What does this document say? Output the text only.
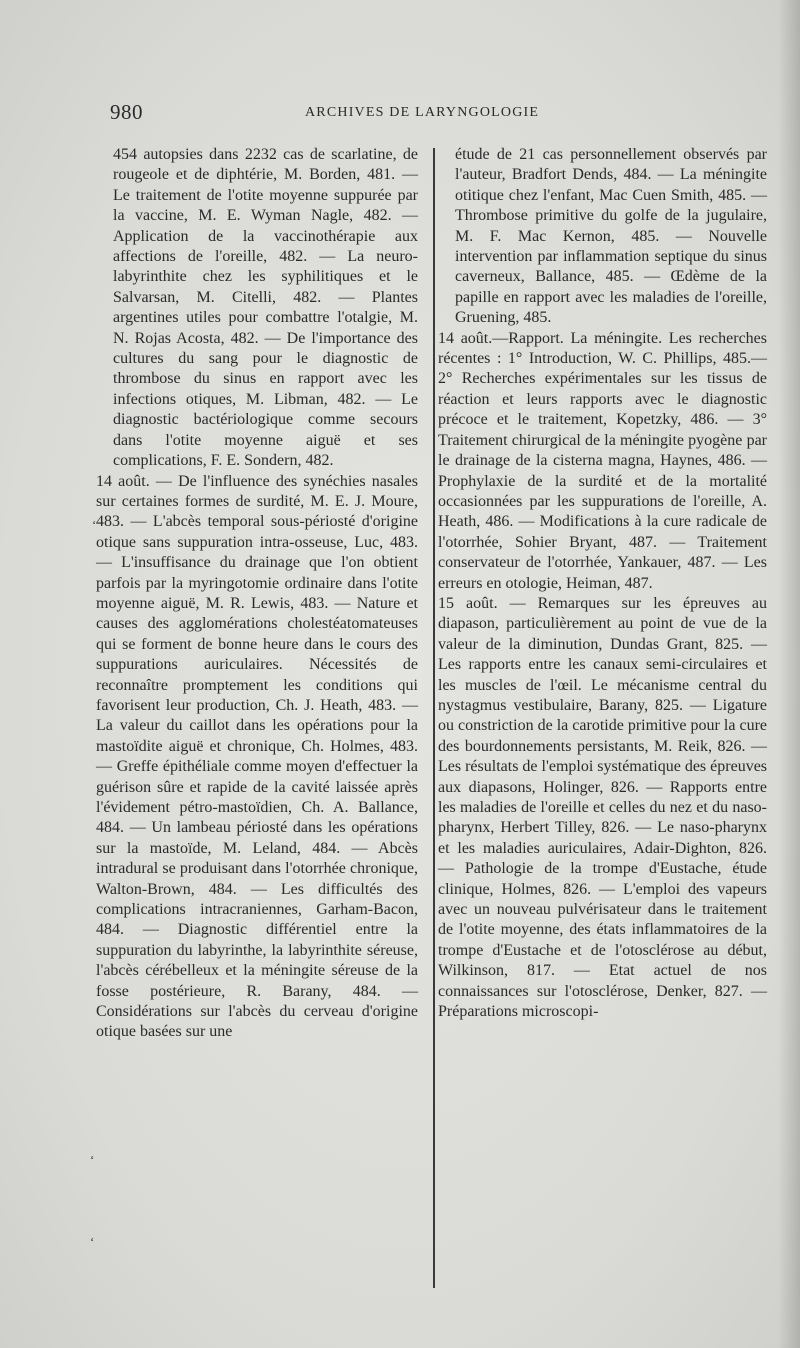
980	ARCHIVES DE LARYNGOLOGIE

454 autopsies dans 2232 cas de scarlatine, de rougeole et de diphtérie, M. Borden, 481. — Le traitement de l'otite moyenne suppurée par la vaccine, M. E. Wyman Nagle, 482. — Application de la vaccinothérapie aux affections de l'oreille, 482. — La neuro-labyrinthite chez les syphilitiques et le Salvarsan, M. Citelli, 482. — Plantes argentines utiles pour combattre l'otalgie, M. N. Rojas Acosta, 482. — De l'importance des cultures du sang pour le diagnostic de thrombose du sinus en rapport avec les infections otiques, M. Libman, 482. — Le diagnostic bactériologique comme secours dans l'otite moyenne aiguë et ses complications, F. E. Sondern, 482.

14 août. — De l'influence des synéchies nasales sur certaines formes de surdité, M. E. J. Moure, 483. — L'abcès temporal sous-périosté d'origine otique sans suppuration intra-osseuse, Luc, 483. — L'insuffisance du drainage que l'on obtient parfois par la myringotomie ordinaire dans l'otite moyenne aiguë, M. R. Lewis, 483. — Nature et causes des agglomérations cholestéatomateuses qui se forment de bonne heure dans le cours des suppurations auriculaires. Nécessités de reconnaître promptement les conditions qui favorisent leur production, Ch. J. Heath, 483. — La valeur du caillot dans les opérations pour la mastoïdite aiguë et chronique, Ch. Holmes, 483. — Greffe épithéliale comme moyen d'effectuer la guérison sûre et rapide de la cavité laissée après l'évidement pétro-mastoïdien, Ch. A. Ballance, 484. — Un lambeau périosté dans les opérations sur la mastoïde, M. Leland, 484. — Abcès intradural se produisant dans l'otorrhée chronique, Walton-Brown, 484. — Les difficultés des complications intracraniennes, Garham-Bacon, 484. — Diagnostic différentiel entre la suppuration du labyrinthe, la labyrinthite séreuse, l'abcès cérébelleux et la méningite séreuse de la fosse postérieure, R. Barany, 484. — Considérations sur l'abcès du cerveau d'origine otique basées sur une

étude de 21 cas personnellement observés par l'auteur, Bradfort Dends, 484. — La méningite otitique chez l'enfant, Mac Cuen Smith, 485. — Thrombose primitive du golfe de la jugulaire, M. F. Mac Kernon, 485. — Nouvelle intervention par inflammation septique du sinus caverneux, Ballance, 485. — Œdème de la papille en rapport avec les maladies de l'oreille, Gruening, 485.

14 août.—Rapport. La méningite. Les recherches récentes : 1° Introduction, W. C. Phillips, 485.— 2° Recherches expérimentales sur les tissus de réaction et leurs rapports avec le diagnostic précoce et le traitement, Kopetzky, 486. — 3° Traitement chirurgical de la méningite pyogène par le drainage de la cisterna magna, Haynes, 486. — Prophylaxie de la surdité et de la mortalité occasionnées par les suppurations de l'oreille, A. Heath, 486. — Modifications à la cure radicale de l'otorrhée, Sohier Bryant, 487. — Traitement conservateur de l'otorrhée, Yankauer, 487. — Les erreurs en otologie, Heiman, 487.

15 août. — Remarques sur les épreuves au diapason, particulièrement au point de vue de la valeur de la diminution, Dundas Grant, 825. — Les rapports entre les canaux semi-circulaires et les muscles de l'œil. Le mécanisme central du nystagmus vestibulaire, Barany, 825. — Ligature ou constriction de la carotide primitive pour la cure des bourdonnements persistants, M. Reik, 826. — Les résultats de l'emploi systématique des épreuves aux diapasons, Holinger, 826. — Rapports entre les maladies de l'oreille et celles du nez et du naso-pharynx, Herbert Tilley, 826. — Le naso-pharynx et les maladies auriculaires, Adair-Dighton, 826. — Pathologie de la trompe d'Eustache, étude clinique, Holmes, 826. — L'emploi des vapeurs avec un nouveau pulvérisateur dans le traitement de l'otite moyenne, des états inflammatoires de la trompe d'Eustache et de l'otosclérose au début, Wilkinson, 817. — Etat actuel de nos connaissances sur l'otosclérose, Denker, 827. — Préparations microscopi-

‘
‘
‘
